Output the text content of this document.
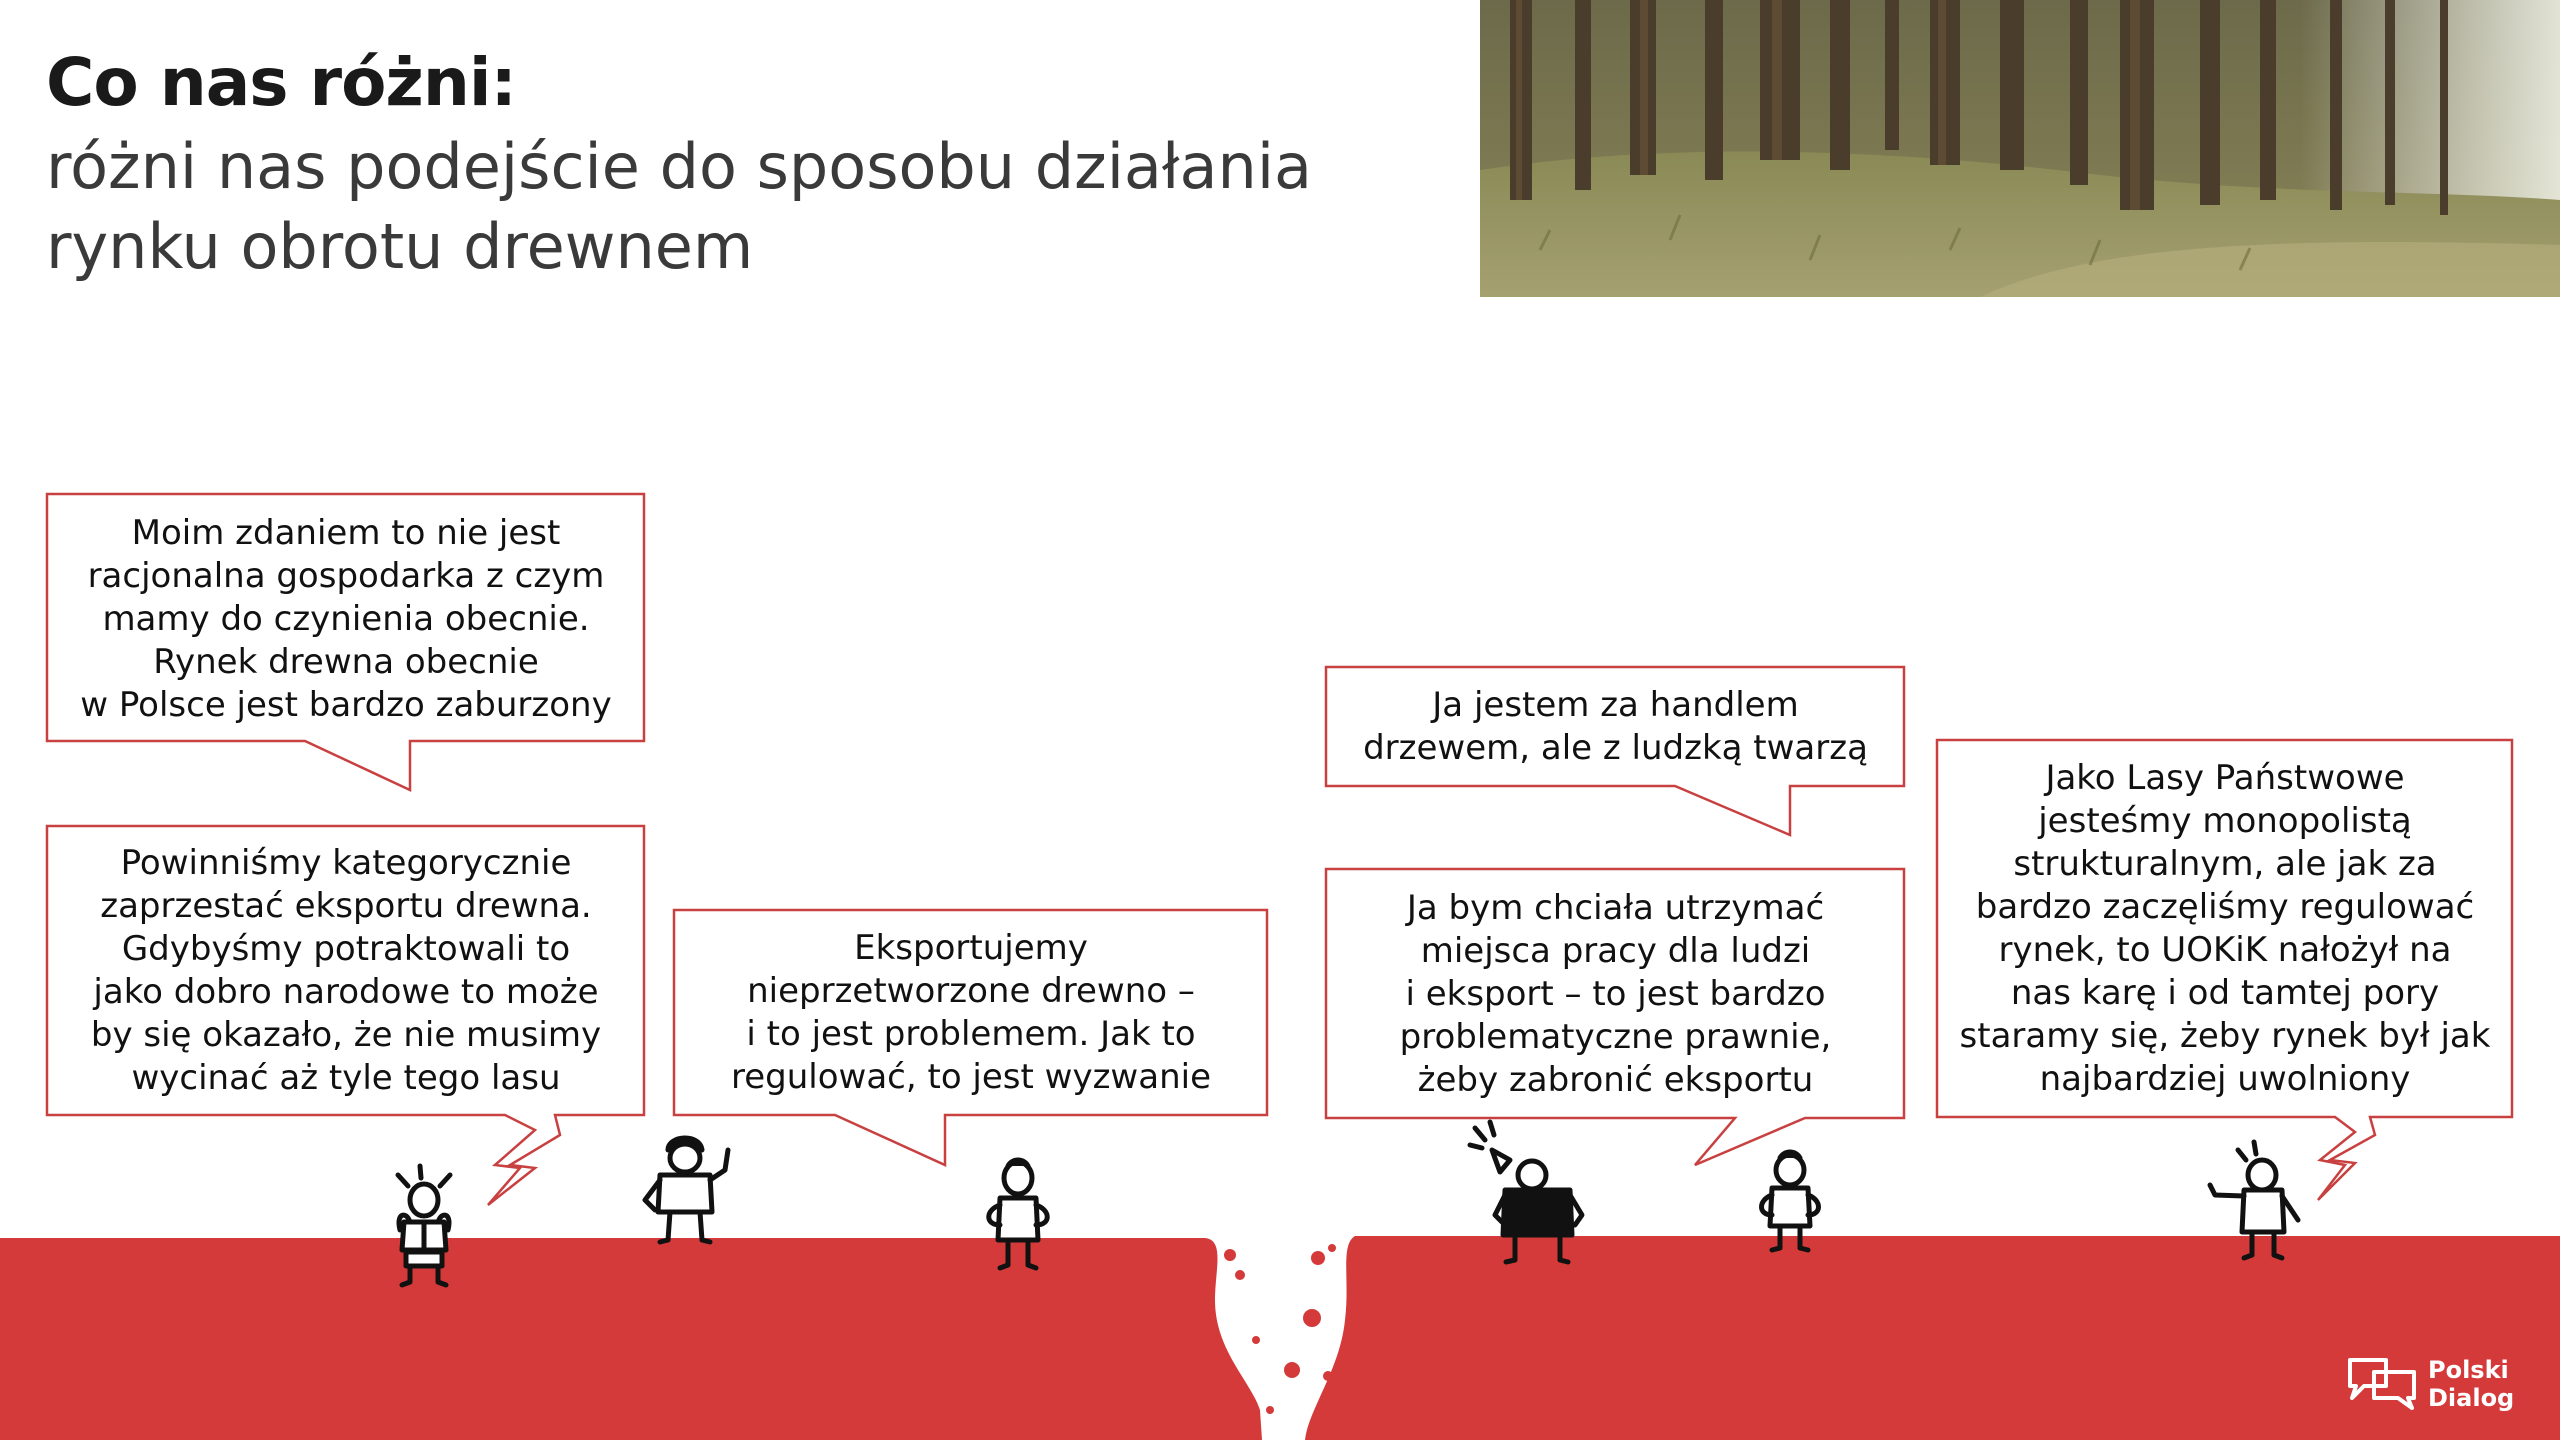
Co nas różni:
różni nas podejście do sposobu działania
rynku obrotu drewnem
Moim zdaniem to nie jest
racjonalna gospodarka z czym
mamy do czynienia obecnie.
Rynek drewna obecnie
w Polsce jest bardzo zaburzony
Powinniśmy kategorycznie
zaprzestać eksportu drewna.
Gdybyśmy potraktowali to
jako dobro narodowe to może
by się okazało, że nie musimy
wycinać aż tyle tego lasu
Eksportujemy
nieprzetworzone drewno –
i to jest problemem. Jak to
regulować, to jest wyzwanie
Ja jestem za handlem
drzewem, ale z ludzką twarzą
Ja bym chciała utrzymać
miejsca pracy dla ludzi
i eksport – to jest bardzo
problematyczne prawnie,
żeby zabronić eksportu
Jako Lasy Państwowe
jesteśmy monopolistą
strukturalnym, ale jak za
bardzo zaczęliśmy regulować
rynek, to UOKiK nałożył na
nas karę i od tamtej pory
staramy się, żeby rynek był jak
najbardziej uwolniony
Polski
Dialog
